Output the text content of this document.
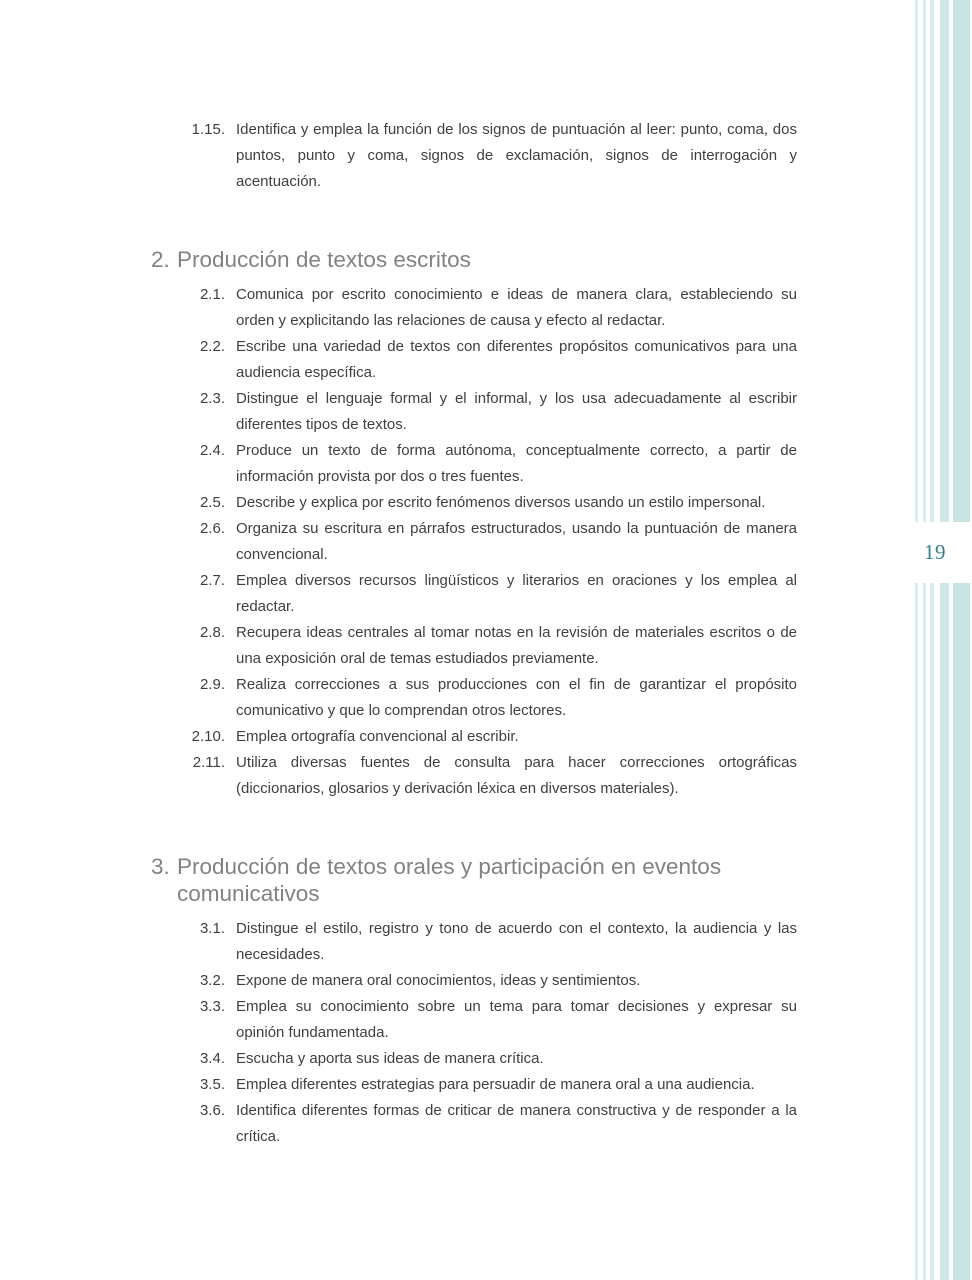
19
1.15. Identifica y emplea la función de los signos de puntuación al leer: punto, coma, dos puntos, punto y coma, signos de exclamación, signos de interrogación y acentuación.
2. Producción de textos escritos
2.1. Comunica por escrito conocimiento e ideas de manera clara, estableciendo su orden y explicitando las relaciones de causa y efecto al redactar.
2.2. Escribe una variedad de textos con diferentes propósitos comunicativos para una audiencia específica.
2.3. Distingue el lenguaje formal y el informal, y los usa adecuadamente al escribir diferentes tipos de textos.
2.4. Produce un texto de forma autónoma, conceptualmente correcto, a partir de información provista por dos o tres fuentes.
2.5. Describe y explica por escrito fenómenos diversos usando un estilo impersonal.
2.6. Organiza su escritura en párrafos estructurados, usando la puntuación de manera convencional.
2.7. Emplea diversos recursos lingüísticos y literarios en oraciones y los emplea al redactar.
2.8. Recupera ideas centrales al tomar notas en la revisión de materiales escritos o de una exposición oral de temas estudiados previamente.
2.9. Realiza correcciones a sus producciones con el fin de garantizar el propósito comunicativo y que lo comprendan otros lectores.
2.10. Emplea ortografía convencional al escribir.
2.11. Utiliza diversas fuentes de consulta para hacer correcciones ortográficas (diccionarios, glosarios y derivación léxica en diversos materiales).
3. Producción de textos orales y participación en eventos comunicativos
3.1. Distingue el estilo, registro y tono de acuerdo con el contexto, la audiencia y las necesidades.
3.2. Expone de manera oral conocimientos, ideas y sentimientos.
3.3. Emplea su conocimiento sobre un tema para tomar decisiones y expresar su opinión fundamentada.
3.4. Escucha y aporta sus ideas de manera crítica.
3.5. Emplea diferentes estrategias para persuadir de manera oral a una audiencia.
3.6. Identifica diferentes formas de criticar de manera constructiva y de responder a la crítica.
